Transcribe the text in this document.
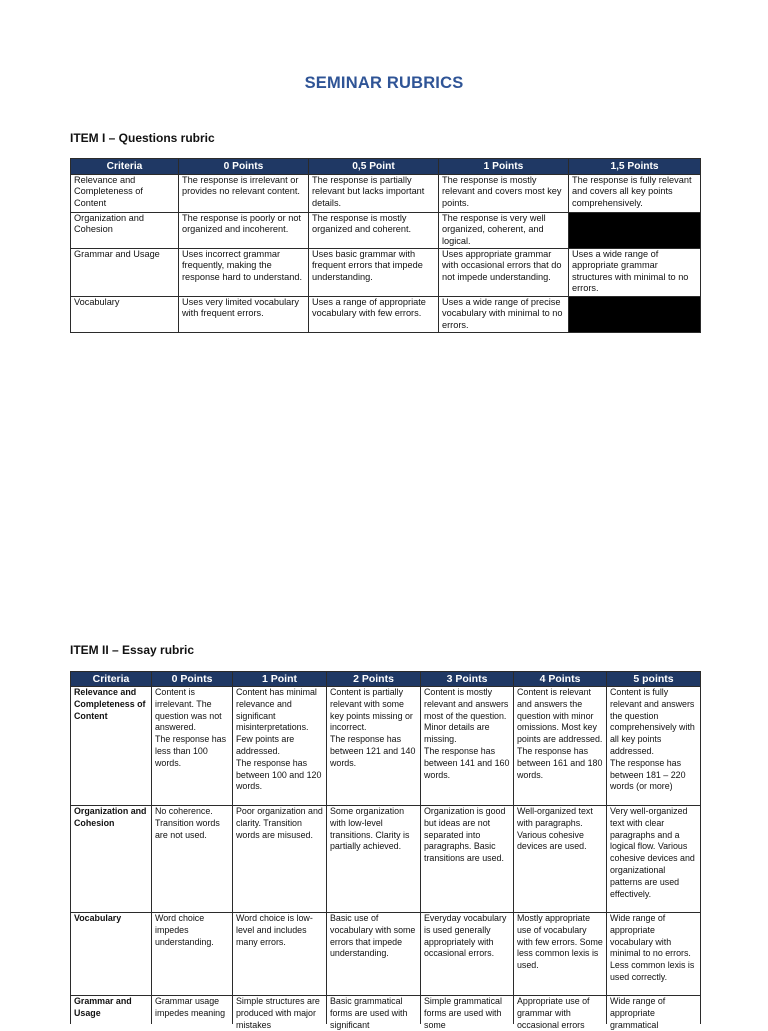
SEMINAR RUBRICS
ITEM I – Questions rubric
Criteria	0 Points	0,5 Point	1 Points	1,5 Points

Relevance and Completeness of Content	The response is irrelevant or provides no relevant content.	The response is partially relevant but lacks important details.	The response is mostly relevant and covers most key points.	The response is fully relevant and covers all key points comprehensively.

Organization and Cohesion	The response is poorly or not organized and incoherent.	The response is mostly organized and coherent.	The response is very well organized, coherent, and logical.	

Grammar and Usage	Uses incorrect grammar frequently, making the response hard to understand.	Uses basic grammar with frequent errors that impede understanding.	Uses appropriate grammar with occasional errors that do not impede understanding.	Uses a wide range of appropriate grammar structures with minimal to no errors.

Vocabulary	Uses very limited vocabulary with frequent errors.	Uses a range of appropriate vocabulary with few errors.	Uses a wide range of precise vocabulary with minimal to no errors.	

ITEM II – Essay rubric
Criteria	0 Points	1 Point	2 Points	3 Points	4 Points	5 points

Relevance and Completeness of Content	Content is irrelevant. The question was not answered.
The response has less than 100 words.	Content has minimal relevance and significant misinterpretations. Few points are addressed.
The response has between 100 and 120 words.	Content is partially relevant with some key points missing or incorrect.
The response has between 121 and 140 words.	Content is mostly relevant and answers most of the question. Minor details are missing.
The response has between 141 and 160 words.	Content is relevant and answers the question with minor omissions. Most key points are addressed.
The response has between 161 and 180 words.	Content is fully relevant and answers the question comprehensively with all key points addressed.
The response has between 181 – 220 words (or more)

Organization and Cohesion	No coherence. Transition words are not used.	Poor organization and clarity. Transition words are misused.	Some organization with low-level transitions. Clarity is partially achieved.	Organization is good but ideas are not separated into paragraphs. Basic transitions are used.	Well-organized text with paragraphs. Various cohesive devices are used.	Very well-organized text with clear paragraphs and a logical flow. Various cohesive devices and organizational patterns are used effectively.

Vocabulary	Word choice impedes understanding.	Word choice is low-level and includes many errors.	Basic use of vocabulary with some errors that impede understanding.	Everyday vocabulary is used generally appropriately with occasional errors.	Mostly appropriate use of vocabulary with few errors. Some less common lexis is used.	Wide range of appropriate vocabulary with minimal to no errors. Less common lexis is used correctly.

Grammar and Usage	Grammar usage impedes meaning	Simple structures are produced with major mistakes	Basic grammatical forms are used with significant	Simple grammatical forms are used with some	Appropriate use of grammar with occasional errors	Wide range of appropriate grammatical
